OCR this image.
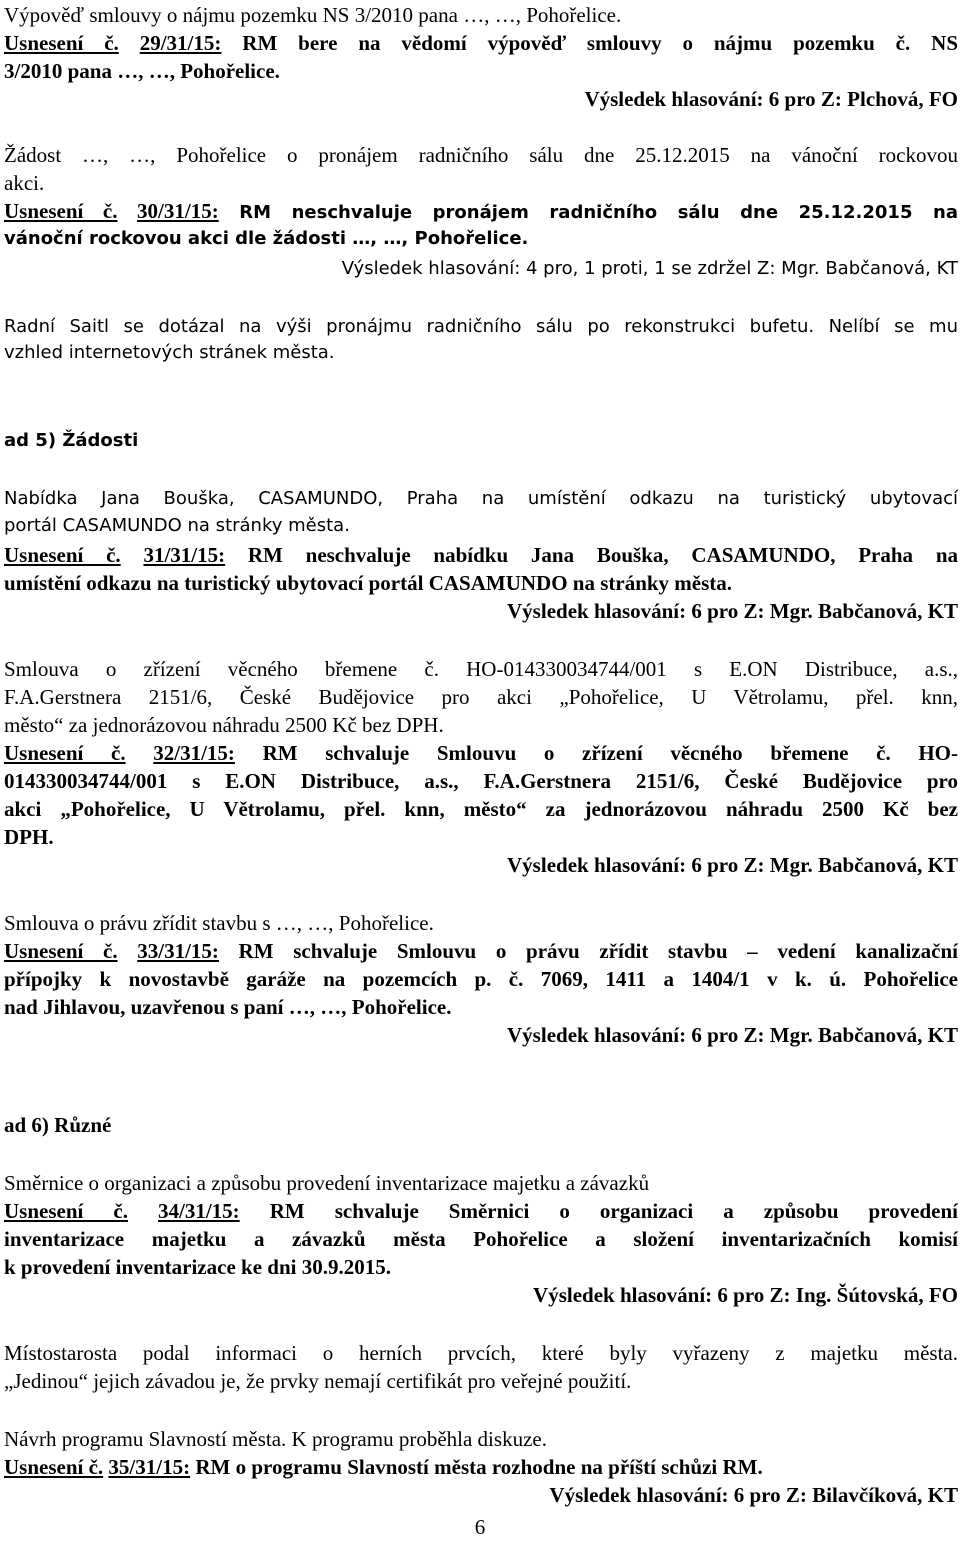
Výpověď smlouvy o nájmu pozemku NS 3/2010 pana …, …, Pohořelice.

Usnesení č. 29/31/15: RM bere na vědomí výpověď smlouvy o nájmu pozemku č. NS

3/2010 pana …, …, Pohořelice.

Výsledek hlasování: 6 pro Z: Plchová, FO

Žádost …, …, Pohořelice o pronájem radničního sálu dne 25.12.2015 na vánoční rockovou

akci.

Usnesení č. 30/31/15: RM neschvaluje pronájem radničního sálu dne 25.12.2015 na

vánoční rockovou akci dle žádosti …, …, Pohořelice.

Výsledek hlasování: 4 pro, 1 proti, 1 se zdržel Z: Mgr. Babčanová, KT

Radní Saitl se dotázal na výši pronájmu radničního sálu po rekonstrukci bufetu. Nelíbí se mu

vzhled internetových stránek města.

ad 5) Žádosti

Nabídka Jana Bouška, CASAMUNDO, Praha na umístění odkazu na turistický ubytovací

portál CASAMUNDO na stránky města.

Usnesení č. 31/31/15: RM neschvaluje nabídku Jana Bouška, CASAMUNDO, Praha na

umístění odkazu na turistický ubytovací portál CASAMUNDO na stránky města.

Výsledek hlasování: 6 pro Z: Mgr. Babčanová, KT

Smlouva o zřízení věcného břemene č. HO-014330034744/001 s E.ON Distribuce, a.s.,

F.A.Gerstnera 2151/6, České Budějovice pro akci „Pohořelice, U Větrolamu, přel. knn,

město“ za jednorázovou náhradu 2500 Kč bez DPH.

Usnesení č. 32/31/15: RM schvaluje Smlouvu o zřízení věcného břemene č. HO-

014330034744/001 s E.ON Distribuce, a.s., F.A.Gerstnera 2151/6, České Budějovice pro

akci „Pohořelice, U Větrolamu, přel. knn, město“ za jednorázovou náhradu 2500 Kč bez

DPH.

Výsledek hlasování: 6 pro Z: Mgr. Babčanová, KT

Smlouva o právu zřídit stavbu s …, …, Pohořelice.

Usnesení č. 33/31/15: RM schvaluje Smlouvu o právu zřídit stavbu – vedení kanalizační

přípojky k novostavbě garáže na pozemcích p. č. 7069, 1411 a 1404/1 v k. ú. Pohořelice

nad Jihlavou, uzavřenou s paní …, …, Pohořelice.

Výsledek hlasování: 6 pro Z: Mgr. Babčanová, KT

ad 6) Různé

Směrnice o organizaci a způsobu provedení inventarizace majetku a závazků

Usnesení č. 34/31/15: RM schvaluje Směrnici o organizaci a způsobu provedení

inventarizace majetku a závazků města Pohořelice a složení inventarizačních komisí

k provedení inventarizace ke dni 30.9.2015.

Výsledek hlasování: 6 pro Z: Ing. Šútovská, FO

Místostarosta podal informaci o herních prvcích, které byly vyřazeny z majetku města.

„Jedinou“ jejich závadou je, že prvky nemají certifikát pro veřejné použití.

Návrh programu Slavností města. K programu proběhla diskuze.

Usnesení č. 35/31/15: RM o programu Slavností města rozhodne na příští schůzi RM.

Výsledek hlasování: 6 pro Z: Bilavčíková, KT

6
